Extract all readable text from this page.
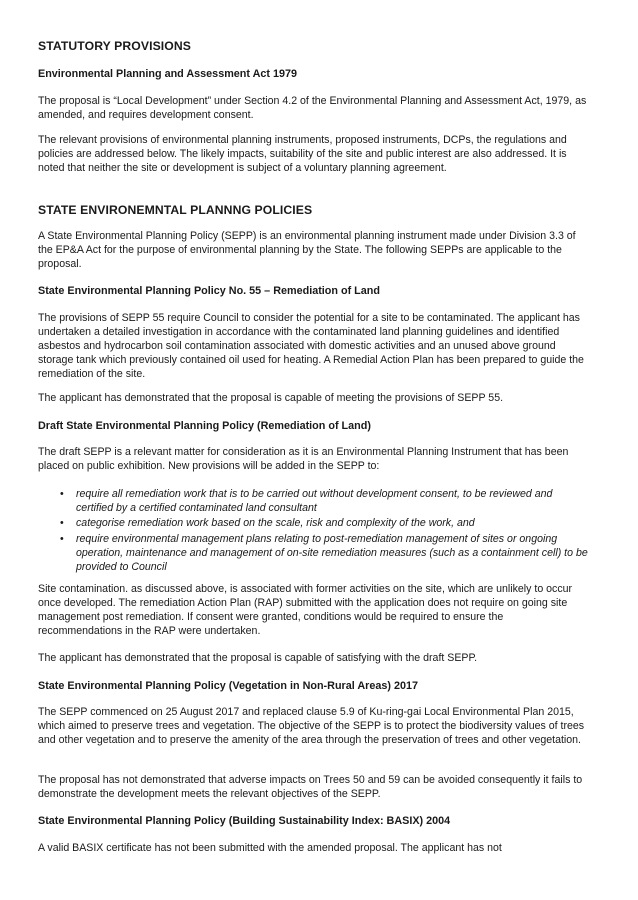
STATUTORY PROVISIONS
Environmental Planning and Assessment Act 1979

The proposal is “Local Development” under Section 4.2 of the Environmental Planning and Assessment Act, 1979, as amended, and requires development consent.

The relevant provisions of environmental planning instruments, proposed instruments, DCPs, the regulations and policies are addressed below. The likely impacts, suitability of the site and public interest are also addressed. It is noted that neither the site or development is subject of a voluntary planning agreement.

STATE ENVIRONEMNTAL PLANNNG POLICIES

A State Environmental Planning Policy (SEPP) is an environmental planning instrument made under Division 3.3 of the EP&A Act for the purpose of environmental planning by the State. The following SEPPs are applicable to the proposal.

State Environmental Planning Policy No. 55 – Remediation of Land

The provisions of SEPP 55 require Council to consider the potential for a site to be contaminated. The applicant has undertaken a detailed investigation in accordance with the contaminated land planning guidelines and identified asbestos and hydrocarbon soil contamination associated with domestic activities and an unused above ground storage tank which previously contained oil used for heating. A Remedial Action Plan has been prepared to guide the remediation of the site.

The applicant has demonstrated that the proposal is capable of meeting the provisions of SEPP 55.

Draft State Environmental Planning Policy (Remediation of Land)

The draft SEPP is a relevant matter for consideration as it is an Environmental Planning Instrument that has been placed on public exhibition. New provisions will be added in the SEPP to:

• require all remediation work that is to be carried out without development consent, to be reviewed and certified by a certified contaminated land consultant
• categorise remediation work based on the scale, risk and complexity of the work, and
• require environmental management plans relating to post-remediation management of sites or ongoing operation, maintenance and management of on-site remediation measures (such as a containment cell) to be provided to Council

Site contamination. as discussed above, is associated with former activities on the site, which are unlikely to occur once developed. The remediation Action Plan (RAP) submitted with the application does not require on going site management post remediation. If consent were granted, conditions would be required to ensure the recommendations in the RAP were undertaken.

The applicant has demonstrated that the proposal is capable of satisfying with the draft SEPP.

State Environmental Planning Policy (Vegetation in Non-Rural Areas) 2017

The SEPP commenced on 25 August 2017 and replaced clause 5.9 of Ku-ring-gai Local Environmental Plan 2015, which aimed to preserve trees and vegetation. The objective of the SEPP is to protect the biodiversity values of trees and other vegetation and to preserve the amenity of the area through the preservation of trees and other vegetation.

The proposal has not demonstrated that adverse impacts on Trees 50 and 59 can be avoided consequently it fails to demonstrate the development meets the relevant objectives of the SEPP.

State Environmental Planning Policy (Building Sustainability Index: BASIX) 2004

A valid BASIX certificate has not been submitted with the amended proposal. The applicant has not
